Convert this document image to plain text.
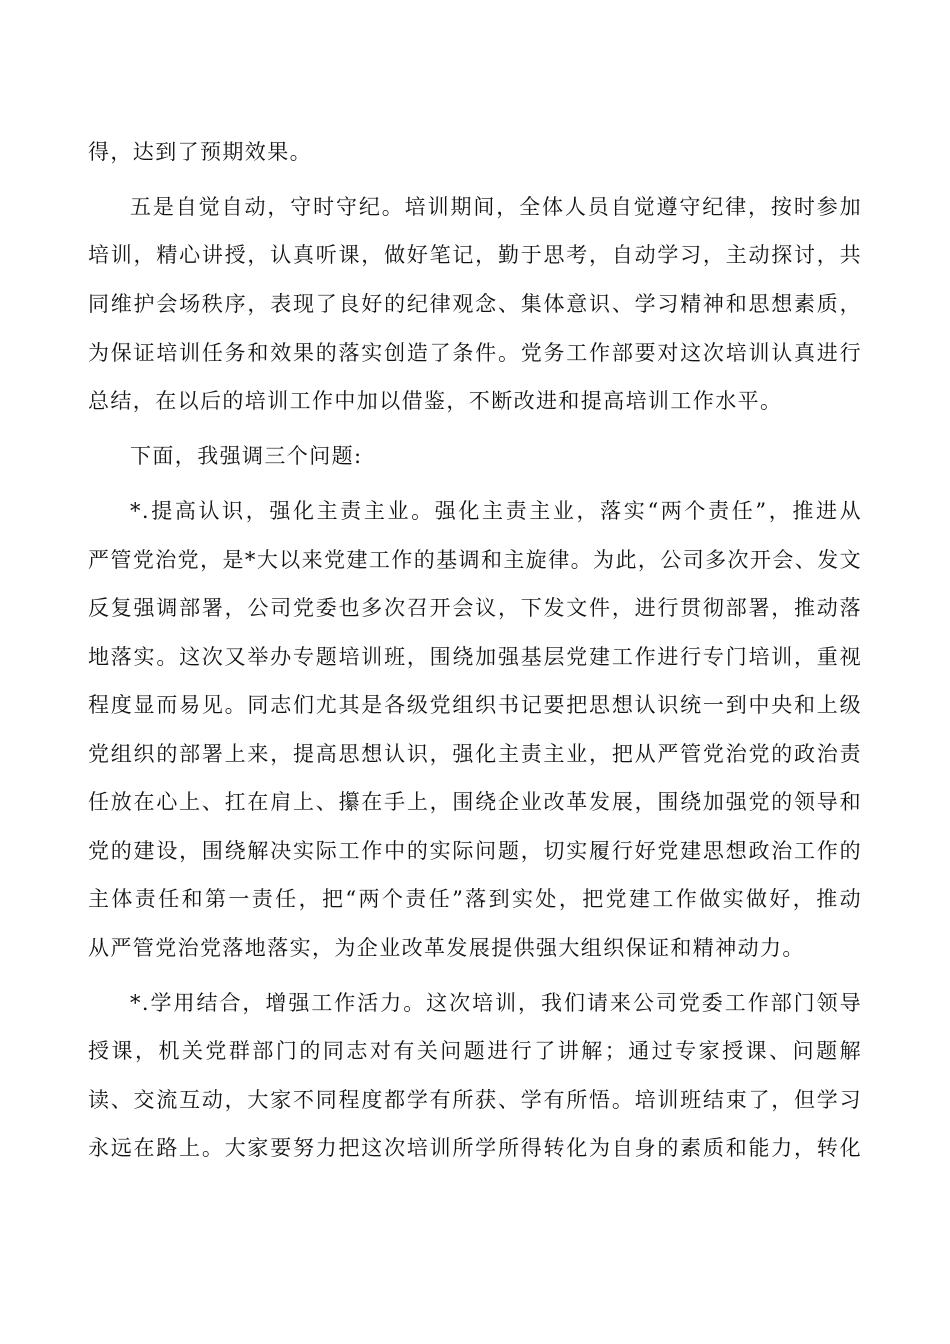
得，达到了预期效果。
五是自觉自动，守时守纪。培训期间，全体人员自觉遵守纪律，按时参加
培训，精心讲授，认真听课，做好笔记，勤于思考，自动学习，主动探讨，共
同维护会场秩序，表现了良好的纪律观念、集体意识、学习精神和思想素质，
为保证培训任务和效果的落实创造了条件。党务工作部要对这次培训认真进行
总结，在以后的培训工作中加以借鉴，不断改进和提高培训工作水平。
下面，我强调三个问题:
*.提高认识，强化主责主业。强化主责主业，落实“两个责任”，推进从
严管党治党，是*大以来党建工作的基调和主旋律。为此，公司多次开会、发文
反复强调部署，公司党委也多次召开会议，下发文件，进行贯彻部署，推动落
地落实。这次又举办专题培训班，围绕加强基层党建工作进行专门培训，重视
程度显而易见。同志们尤其是各级党组织书记要把思想认识统一到中央和上级
党组织的部署上来，提高思想认识，强化主责主业，把从严管党治党的政治责
任放在心上、扛在肩上、攥在手上，围绕企业改革发展，围绕加强党的领导和
党的建设，围绕解决实际工作中的实际问题，切实履行好党建思想政治工作的
主体责任和第一责任，把“两个责任”落到实处，把党建工作做实做好，推动
从严管党治党落地落实，为企业改革发展提供强大组织保证和精神动力。
*.学用结合，增强工作活力。这次培训，我们请来公司党委工作部门领导
授课，机关党群部门的同志对有关问题进行了讲解；通过专家授课、问题解
读、交流互动，大家不同程度都学有所获、学有所悟。培训班结束了，但学习
永远在路上。大家要努力把这次培训所学所得转化为自身的素质和能力，转化
